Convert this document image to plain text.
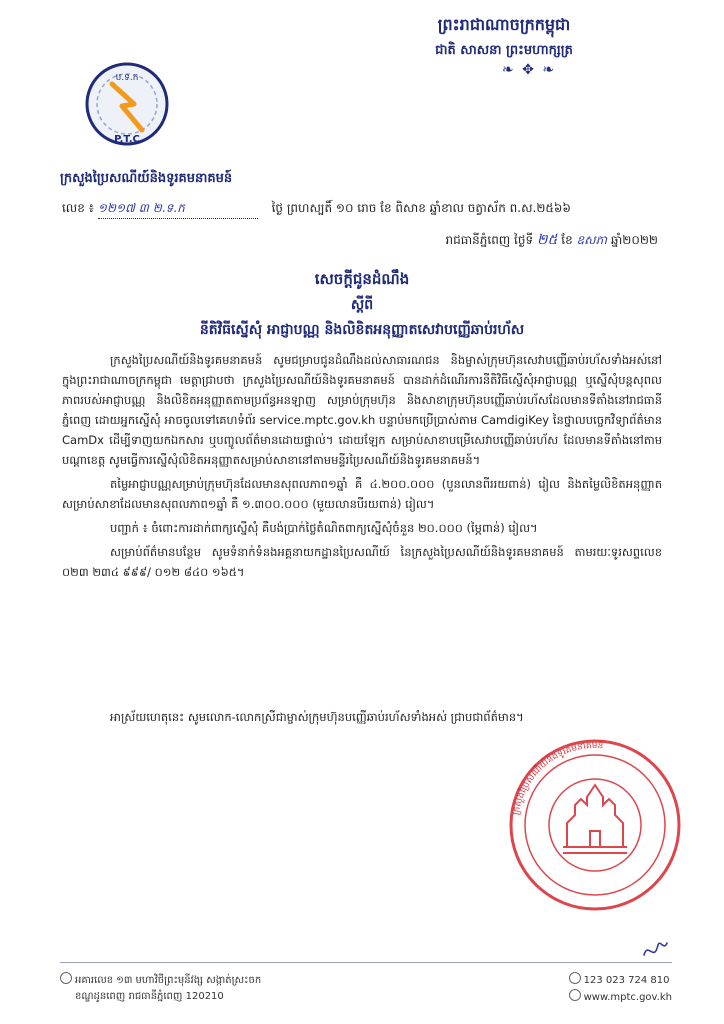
ព្រះរាជាណាចក្រកម្ពុជា
ជាតិ សាសនា ព្រះមហាក្សត្រ
❧ ✥ ❧
ប.ទ.ក
P.T.C
ក្រសួងប្រៃសណីយ៍និងទូរគមនាគមន៍
លេខ ៖ ១២១៧ ៣ ២.ទ.ក	ថ្ងៃ ព្រហស្បតិ៍ ១០ រោច ខែ ពិសាខ ឆ្នាំខាល ចត្វាស័ក ព.ស.២៥៦៦
រាជធានីភ្នំពេញ ថ្ងៃទី ២៥ ខែ ឧសភា ឆ្នាំ២០២២
សេចក្តីជូនដំណឹង
ស្តីពី
នីតិវិធីស្នើសុំ អាជ្ញាបណ្ណ និងលិខិតអនុញ្ញាតសេវាបញ្ញើឆាប់រហ័ស

ក្រសួងប្រៃសណីយ៍និងទូរគមនាគមន៍ សូមជម្រាបជូនដំណឹងដល់សាធារណជន និងម្ចាស់ក្រុមហ៊ុនសេវាបញ្ញើឆាប់រហ័សទាំងអស់នៅក្នុងព្រះរាជាណាចក្រកម្ពុជា មេត្តាជ្រាបថា ក្រសួងប្រៃសណីយ៍និងទូរគមនាគមន៍ បានដាក់ដំណើរការនីតិវិធីស្នើសុំអាជ្ញាបណ្ណ ឬស្នើសុំបន្តសុពលភាពរបស់អាជ្ញាបណ្ណ និងលិខិតអនុញ្ញាតតាមប្រព័ន្ធអនឡាញ សម្រាប់ក្រុមហ៊ុន និងសាខាក្រុមហ៊ុនបញ្ញើឆាប់រហ័សដែលមានទីតាំងនៅរាជធានីភ្នំពេញ ដោយអ្នកស្នើសុំ អាចចូលទៅគេហទំព័រ service.mptc.gov.kh បន្ទាប់មកប្រើប្រាស់តាម CamdigiKey នៃថ្នាលបច្ចេកវិទ្យាព័ត៌មាន CamDx ដើម្បីទាញយកឯកសារ ឬបញ្ចូលព័ត៌មានដោយផ្ទាល់។ ដោយឡែក សម្រាប់សាខាបម្រើសេវាបញ្ញើឆាប់រហ័ស ដែលមានទីតាំងនៅតាមបណ្តាខេត្ត សូមធ្វើការស្នើសុំលិខិតអនុញ្ញាតសម្រាប់សាខានៅតាមមន្ទីរប្រៃសណីយ៍និងទូរគមនាគមន៍។

តម្លៃអាជ្ញាបណ្ណសម្រាប់ក្រុមហ៊ុនដែលមានសុពលភាព១ឆ្នាំ គឺ ៤.២០០.០០០ (បួនលានពីររយពាន់) រៀល និងតម្លៃលិខិតអនុញ្ញាតសម្រាប់សាខាដែលមានសុពលភាព១ឆ្នាំ គឺ ១.៣០០.០០០ (មួយលានបីរយពាន់) រៀល។

បញ្ជាក់ ៖ ចំពោះការដាក់ពាក្យស្នើសុំ គឺបង់ប្រាក់ថ្លៃតំណិតពាក្យស្នើសុំចំនួន ២០.០០០ (ម្ភៃពាន់) រៀល។

សម្រាប់ព័ត៌មានបន្ថែម សូមទំនាក់ទំនងអគ្គនាយកដ្ឋានប្រៃសណីយ៍ នៃក្រសួងប្រៃសណីយ៍និងទូរគមនាគមន៍ តាមរយៈទូរសព្ទលេខ ០២៣ ២៣៤ ៩៩៩/ ០១២ ៨៤០ ១៦៥។

អាស្រ័យហេតុនេះ សូមលោក-លោកស្រីជាម្ចាស់ក្រុមហ៊ុនបញ្ញើឆាប់រហ័សទាំងអស់ ជ្រាបជាព័ត៌មាន។
ក្រសួងប្រៃសណីយ៍និងទូរគមនាគមន៍
អគារលេខ ១៣ មហាវិថីព្រះមុនីវង្ស សង្កាត់ស្រះចក
ខណ្ឌដូនពេញ រាជធានីភ្នំពេញ 120210
123 023 724 810
www.mptc.gov.kh
